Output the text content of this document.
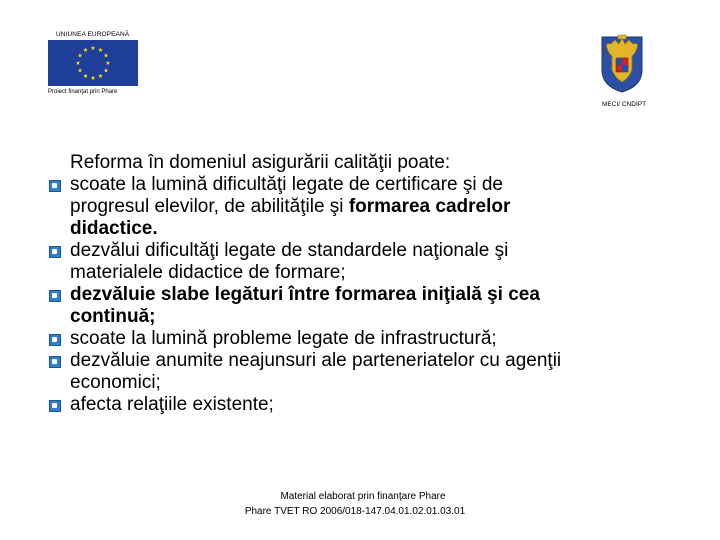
UNIUNEA EUROPEANĂ
Proiect finanţat prin Phare
MECI/ CNDIPT
Reforma în domeniul asigurării calităţii poate:
scoate la lumină dificultăţi legate de certificare şi de
progresul elevilor, de abilităţile şi formarea cadrelor
didactice.
dezvălui dificultăţi legate de standardele naţionale şi
materialele didactice de formare;
dezvăluie slabe legături între formarea iniţială şi cea
continuă;
scoate la lumină probleme legate de infrastructură;
dezvăluie anumite neajunsuri ale parteneriatelor cu agenţii
economici;
afecta relaţiile existente;
Material elaborat prin finanţare Phare
Phare TVET RO 2006/018-147.04.01.02.01.03.01
